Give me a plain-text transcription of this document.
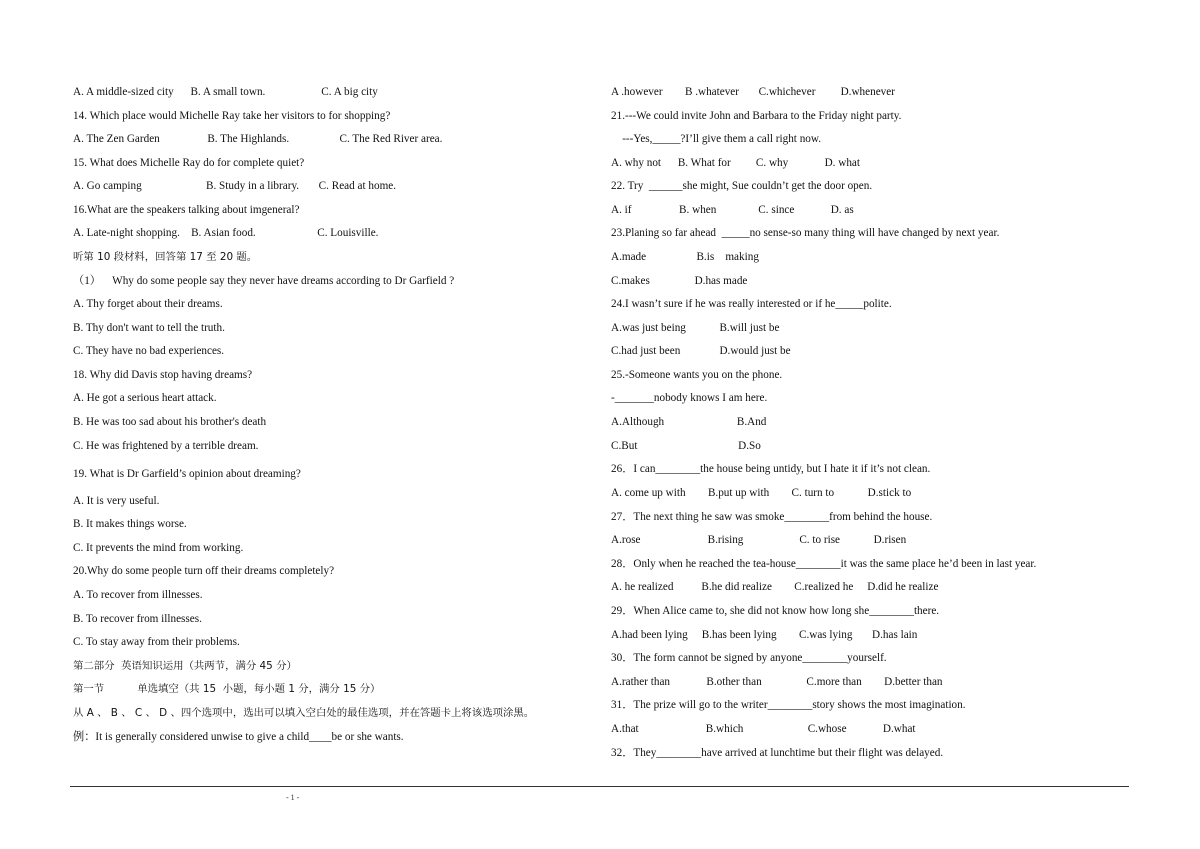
A. A middle-sized city      B. A small town.                    C. A big city
14. Which place would Michelle Ray take her visitors to for shopping?
A. The Zen Garden                 B. The Highlands.                  C. The Red River area.
15. What does Michelle Ray do for complete quiet?
A. Go camping                       B. Study in a library.       C. Read at home.
16.What are the speakers talking about imgeneral?
A. Late-night shopping.    B. Asian food.                      C. Louisville.
听第 10 段材料，回答第 17 至 20 题。
（1）    Why do some people say they never have dreams according to Dr Garfield ?
A. Thy forget about their dreams.
B. Thy don't want to tell the truth.
C. They have no bad experiences.
18. Why did Davis stop having dreams?
A. He got a serious heart attack.
B. He was too sad about his brother's death
C. He was frightened by a terrible dream.
19. What is Dr Garfield’s opinion about dreaming?
A. It is very useful.
B. It makes things worse.
C. It prevents the mind from working.
20.Why do some people turn off their dreams completely?
A. To recover from illnesses.
B. To recover from illnesses.
C. To stay away from their problems.
第二部分  英语知识运用（共两节，满分 45 分）
第一节          单选填空（共 15  小题，每小题 1 分，满分 15 分）
从 A 、 B 、 C 、 D 、四个选项中，选出可以填入空白处的最佳选项，并在答题卡上将该选项涂黑。
例：It is generally considered unwise to give a child____be or she wants.
A .however        B .whatever       C.whichever         D.whenever
21.---We could invite John and Barbara to the Friday night party.
---Yes,_____?I’ll give them a call right now.
A. why not      B. What for         C. why             D. what
22. Try  ______she might, Sue couldn’t get the door open.
A. if                 B. when               C. since             D. as
23.Planing so far ahead  _____no sense-so many thing will have changed by next year.
A.made                  B.is    making
C.makes                D.has made
24.I wasn’t sure if he was really interested or if he_____polite.
A.was just being            B.will just be
C.had just been              D.would just be
25.-Someone wants you on the phone.
-_______nobody knows I am here.
A.Although                          B.And
C.But                                    D.So
26．I can________the house being untidy, but I hate it if it’s not clean.
A. come up with        B.put up with        C. turn to            D.stick to
27．The next thing he saw was smoke________from behind the house.
A.rose                        B.rising                    C. to rise            D.risen
28．Only when he reached the tea-house________it was the same place he’d been in last year.
A. he realized          B.he did realize        C.realized he     D.did he realize
29．When Alice came to, she did not know how long she________there.
A.had been lying     B.has been lying        C.was lying       D.has lain
30．The form cannot be signed by anyone________yourself.
A.rather than             B.other than                C.more than        D.better than
31．The prize will go to the writer________story shows the most imagination.
A.that                        B.which                       C.whose             D.what
32．They________have arrived at lunchtime but their flight was delayed.
- 1 -
